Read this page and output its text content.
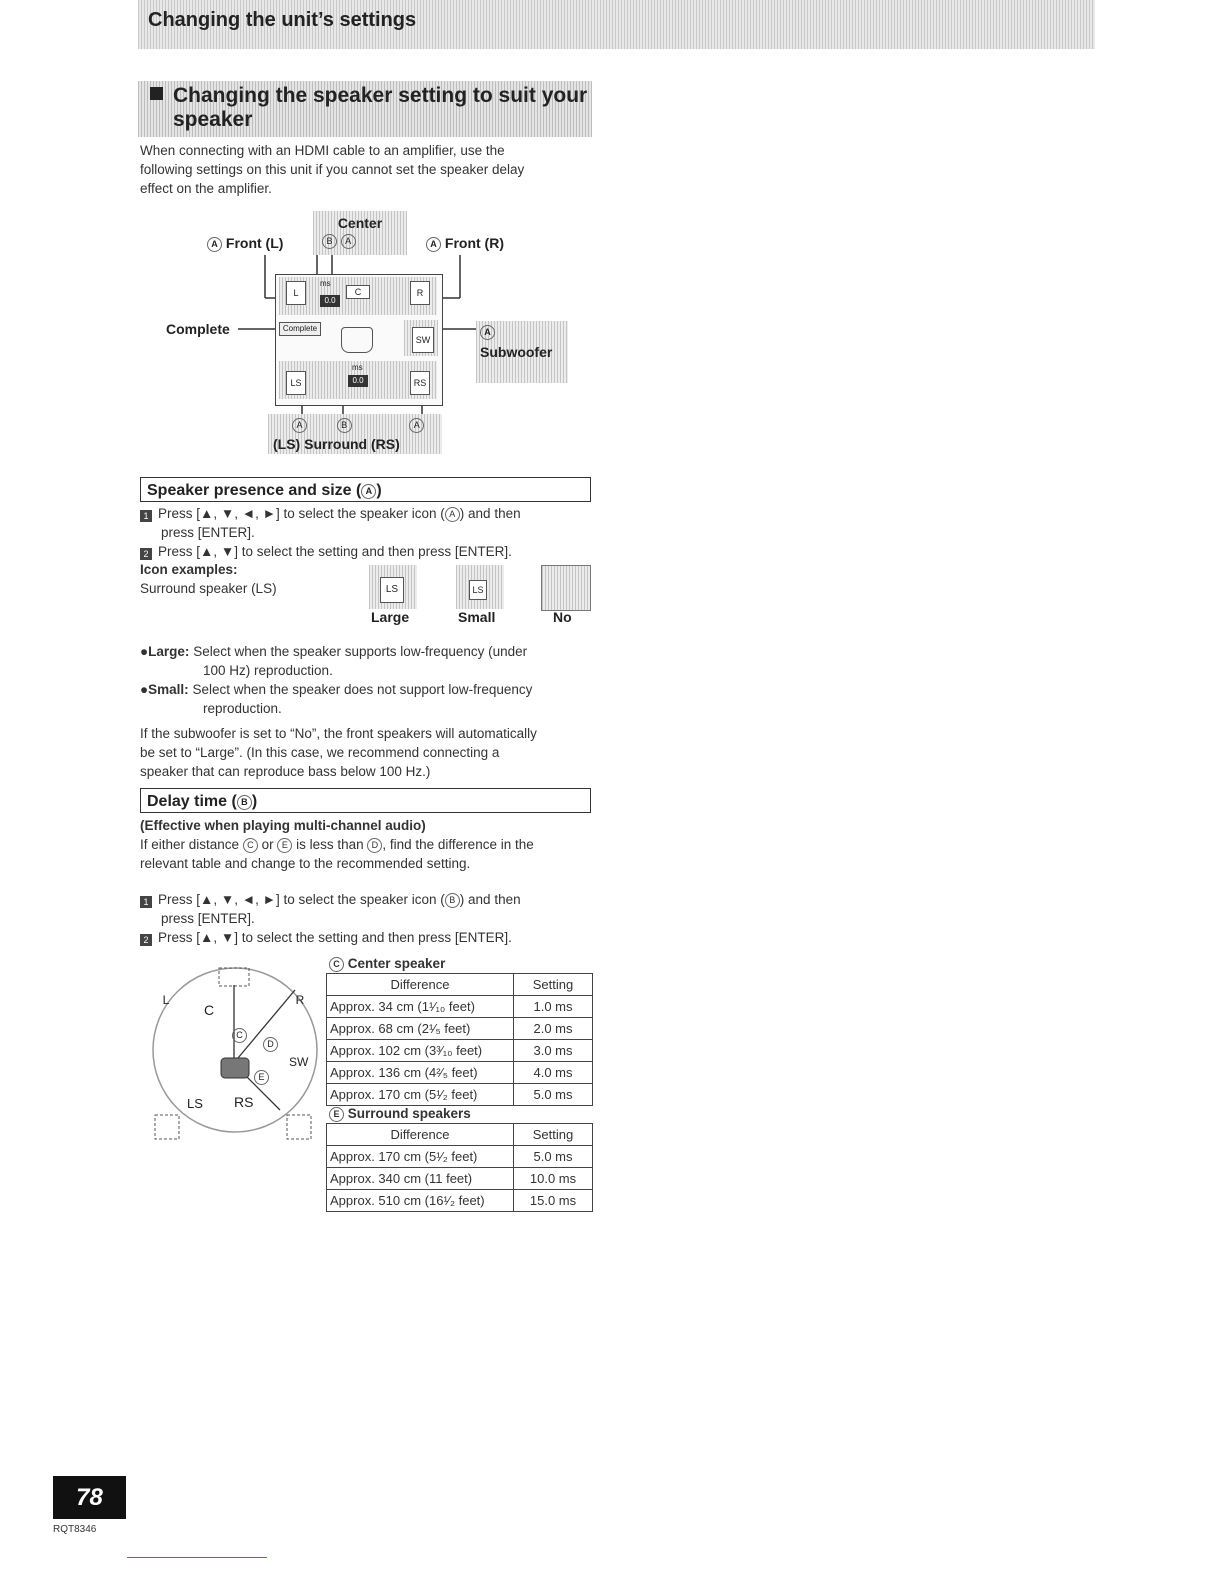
Changing the unit’s settings
Changing the speaker setting to suit your
speaker
When connecting with an HDMI cable to an amplifier, use the
following settings on this unit if you cannot set the speaker delay
effect on the amplifier.
Center
B A
A Front (L)	A Front (R)
L
ms
0.0
C	R
Complete
SW
LS
ms
0.0	RS
Complete	A
Subwoofer
A	B	A
(LS) Surround (RS)
Speaker presence and size ( A )
1 Press [▲, ▼, ◄, ►] to select the speaker icon ( A ) and then
press [ENTER].
2 Press [▲, ▼] to select the setting and then press [ENTER].
Icon examples:
Surround speaker (LS)	LS	LS
Large	Small	No
●Large: Select when the speaker supports low-frequency (under
100 Hz) reproduction.
●Small: Select when the speaker does not support low-frequency
reproduction.
If the subwoofer is set to “No”, the front speakers will automatically
be set to “Large”. (In this case, we recommend connecting a
speaker that can reproduce bass below 100 Hz.)
Delay time ( B )
(Effective when playing multi-channel audio)
If either distance C or E is less than D , find the difference in the
relevant table and change to the recommended setting.
1 Press [▲, ▼, ◄, ►] to select the speaker icon ( B ) and then
press [ENTER].
2 Press [▲, ▼] to select the setting and then press [ENTER].
L	R
C
SW
LS RS
C
D
E
C Center speaker
Difference	Setting
Approx. 34 cm (1¹⁄₁₀ feet)	1.0 ms
Approx. 68 cm (2¹⁄₅ feet)	2.0 ms
Approx. 102 cm (3³⁄₁₀ feet)	3.0 ms
Approx. 136 cm (4²⁄₅ feet)	4.0 ms
Approx. 170 cm (5¹⁄₂ feet)	5.0 ms
E Surround speakers
Difference	Setting
Approx. 170 cm (5¹⁄₂ feet)	5.0 ms
Approx. 340 cm (11 feet)	10.0 ms
Approx. 510 cm (16¹⁄₂ feet)	15.0 ms
78
RQT8346
